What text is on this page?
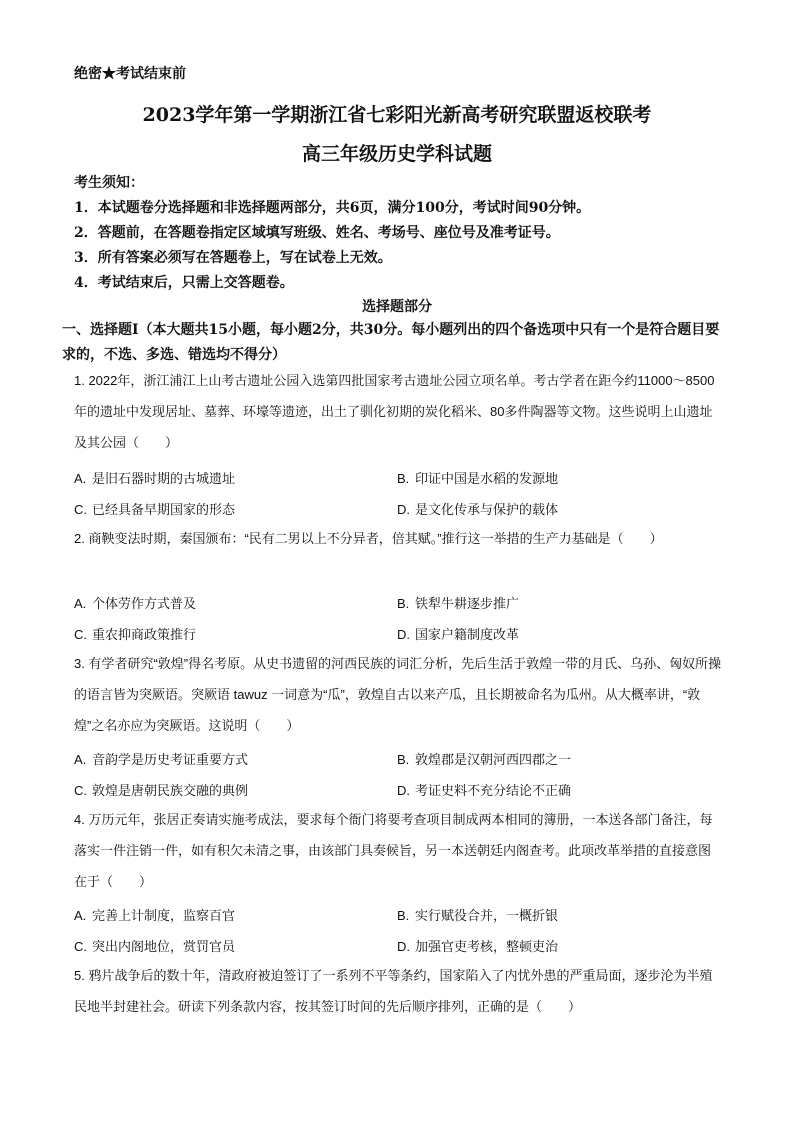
绝密★考试结束前
2023学年第一学期浙江省七彩阳光新高考研究联盟返校联考
高三年级历史学科试题
考生须知：
1．本试题卷分选择题和非选择题两部分，共6页，满分100分，考试时间90分钟。
2．答题前，在答题卷指定区域填写班级、姓名、考场号、座位号及准考证号。
3．所有答案必须写在答题卷上，写在试卷上无效。
4．考试结束后，只需上交答题卷。
选择题部分
一、选择题Ⅰ（本大题共15小题，每小题2分，共30分。每小题列出的四个备选项中只有一个是符合题目要求的，不选、多选、错选均不得分）
1. 2022年，浙江浦江上山考古遗址公园入选第四批国家考古遗址公园立项名单。考古学者在距今约11000～8500年的遗址中发现居址、墓葬、环壕等遗迹，出土了驯化初期的炭化稻米、80多件陶器等文物。这些说明上山遗址及其公园（　　）
A. 是旧石器时期的古城遗址	B. 印证中国是水稻的发源地
C. 已经具备早期国家的形态	D. 是文化传承与保护的载体
2. 商鞅变法时期，秦国颁布：“民有二男以上不分异者，倍其赋。”推行这一举措的生产力基础是（　　）
A. 个体劳作方式普及	B. 铁犁牛耕逐步推广
C. 重农抑商政策推行	D. 国家户籍制度改革
3. 有学者研究“敦煌”得名考原。从史书遗留的河西民族的词汇分析，先后生活于敦煌一带的月氏、乌孙、匈奴所操的语言皆为突厥语。突厥语 tawuz 一词意为“瓜”，敦煌自古以来产瓜，且长期被命名为瓜州。从大概率讲，“敦煌”之名亦应为突厥语。这说明（　　）
A. 音韵学是历史考证重要方式	B. 敦煌郡是汉朝河西四郡之一
C. 敦煌是唐朝民族交融的典例	D. 考证史料不充分结论不正确
4. 万历元年，张居正奏请实施考成法，要求每个衙门将要考查项目制成两本相同的簿册，一本送各部门备注，每落实一件注销一件，如有积欠未清之事，由该部门具奏候旨，另一本送朝廷内阁查考。此项改革举措的直接意图在于（　　）
A. 完善上计制度，监察百官	B. 实行赋役合并，一概折银
C. 突出内阁地位，赏罚官员	D. 加强官吏考核，整顿吏治
5. 鸦片战争后的数十年，清政府被迫签订了一系列不平等条约，国家陷入了内忧外患的严重局面，逐步沦为半殖民地半封建社会。研读下列条款内容，按其签订时间的先后顺序排列，正确的是（　　）
